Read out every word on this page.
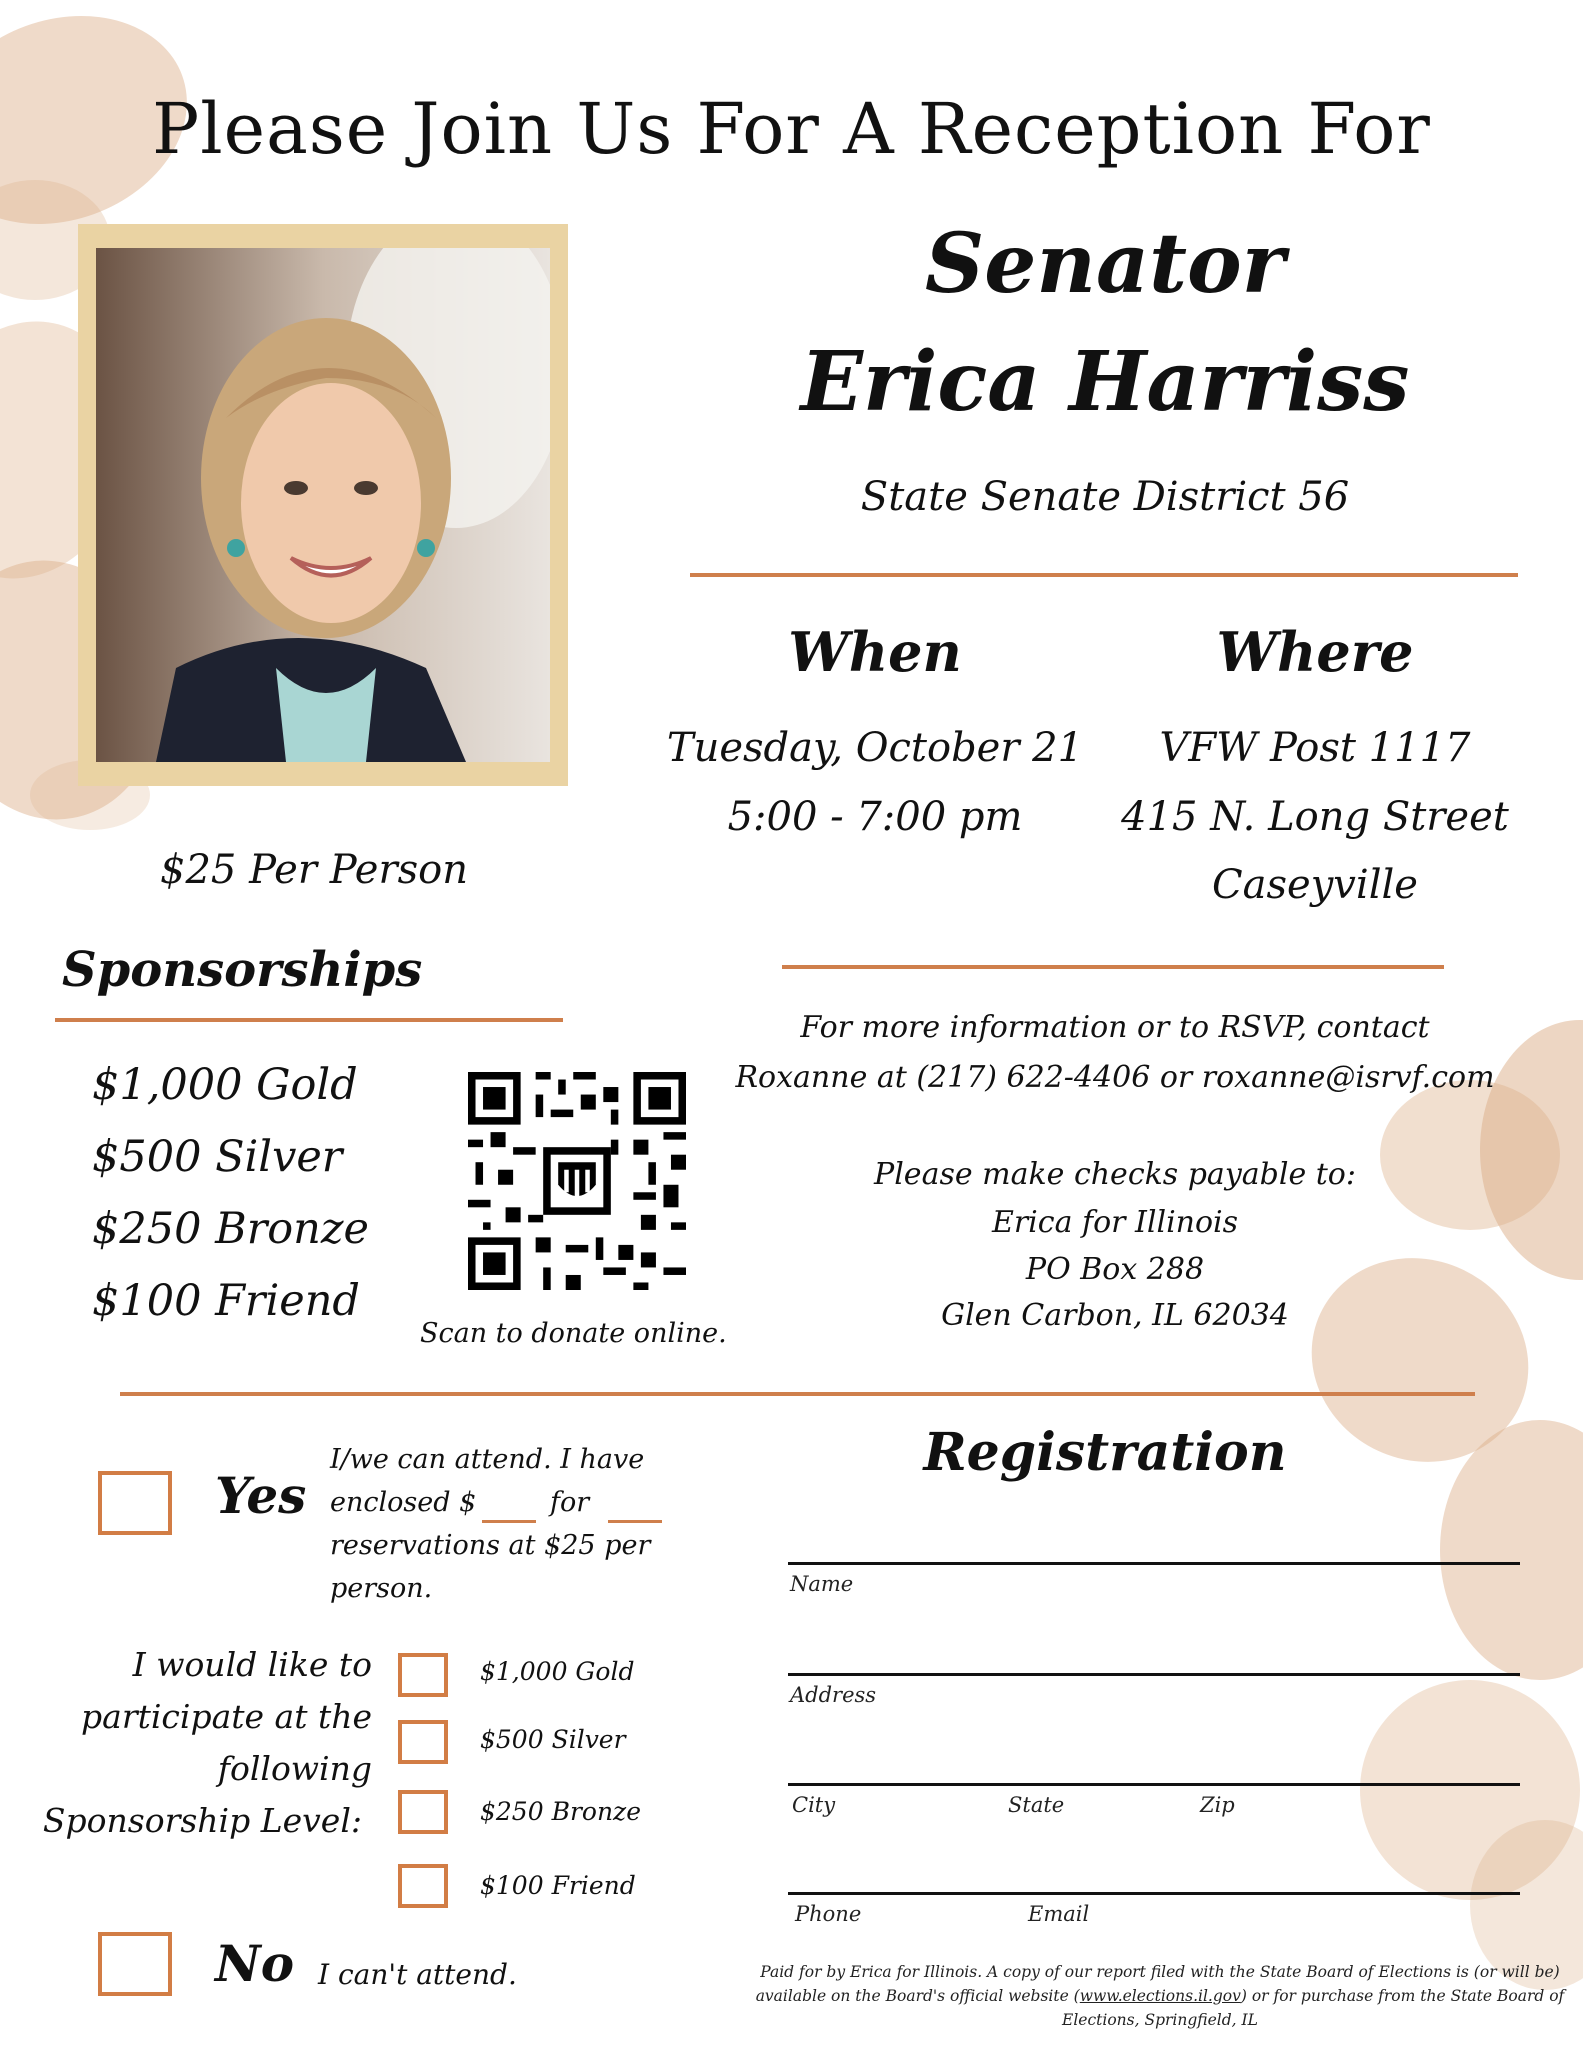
Please Join Us For A Reception For
Senator
Erica Harriss
State Senate District 56
When
Tuesday, October 21
5:00 - 7:00 pm
Where
VFW Post 1117
415 N. Long Street
Caseyville
$25 Per Person
Sponsorships
$1,000 Gold
$500 Silver
$250 Bronze
$100 Friend
Scan to donate online.
For more information or to RSVP, contact
Roxanne at (217) 622-4406 or roxanne@isrvf.com
Please make checks payable to:
Erica for Illinois
PO Box 288
Glen Carbon, IL 62034
Yes
I/we can attend. I have
enclosed $	for
reservations at $25 per
person.
I would like to
participate at the
following
Sponsorship Level:
$1,000 Gold
$500 Silver
$250 Bronze
$100 Friend
No I can't attend.
Registration
Name
Address
City	State	Zip
Phone	Email
Paid for by Erica for Illinois. A copy of our report filed with the State Board of Elections is (or will be)
available on the Board's official website (www.elections.il.gov) or for purchase from the State Board of
Elections, Springfield, IL
